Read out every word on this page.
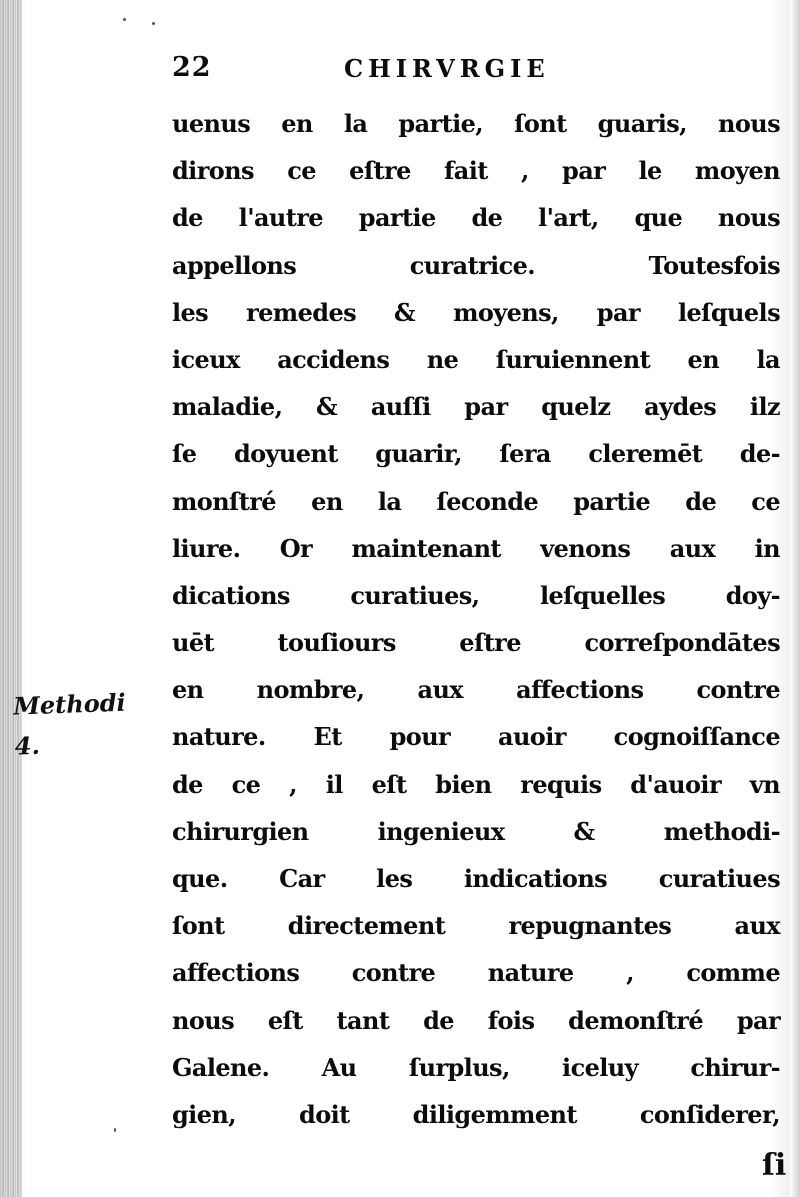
22	CHIRVRGIE
uenus en la partie, ſont guaris, nous
dirons ce eſtre fait , par le moyen
de l'autre partie de l'art, que nous
appellons curatrice. Toutesfois
les remedes & moyens, par leſquels
iceux accidens ne ſuruiennent en la
maladie, & auſſi par quelz aydes ilz
ſe doyuent guarir, ſera cleremēt de-
monſtré en la ſeconde partie de ce
liure. Or maintenant venons aux in
dications curatiues, leſquelles doy-
uēt touſiours eſtre correſpondātes
en nombre, aux affections contre
nature. Et pour auoir cognoiſſance
de ce , il eſt bien requis d'auoir vn
chirurgien ingenieux & methodi-
que. Car les indications curatiues
ſont directement repugnantes aux
affections contre nature , comme
nous eſt tant de fois demonſtré par
Galene. Au ſurplus, iceluy chirur-
gien, doit diligemment conſiderer,
Methodi
4.
ſi
